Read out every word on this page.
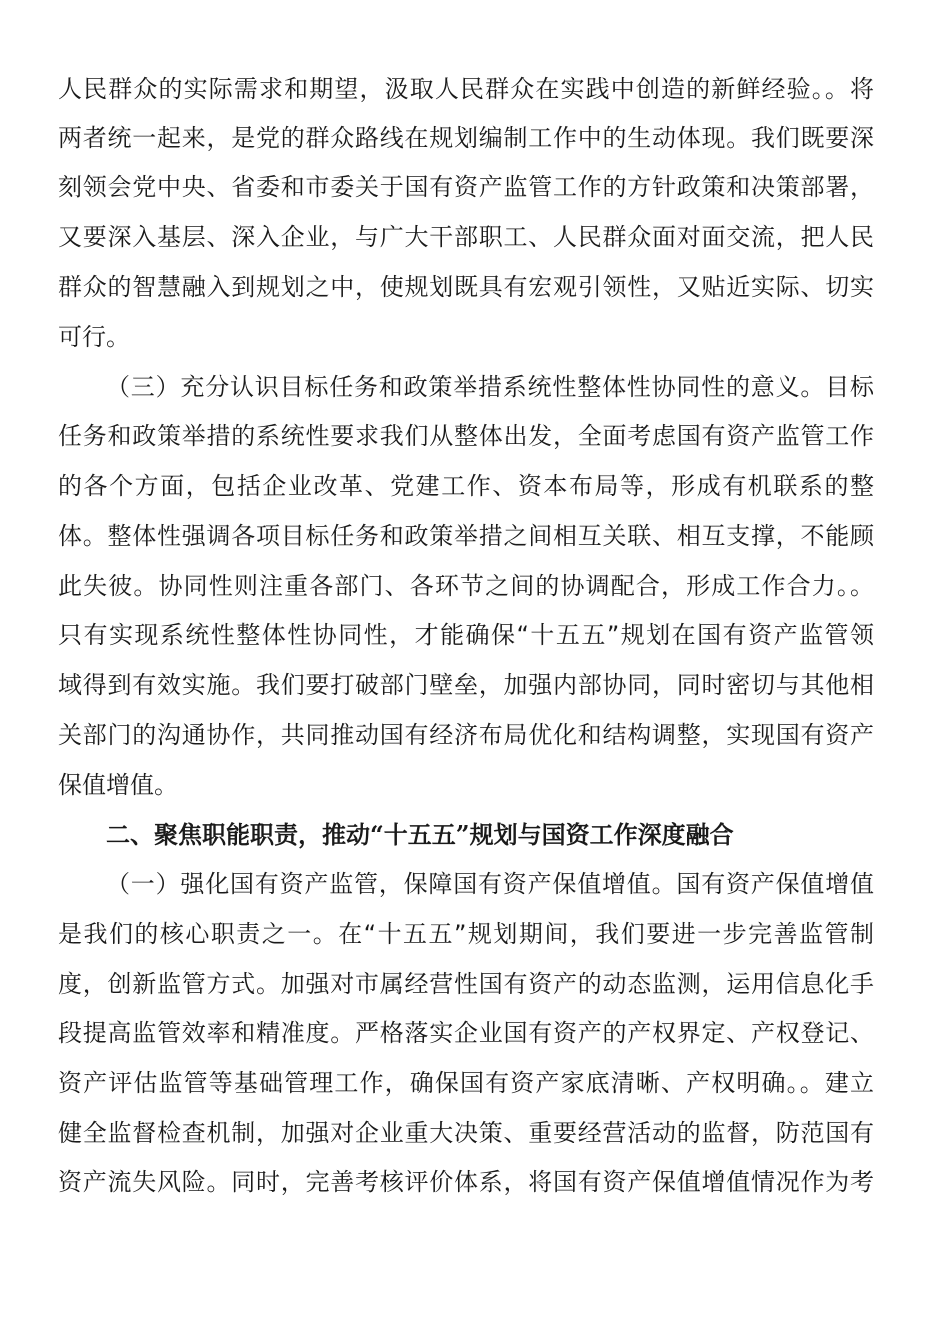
人民群众的实际需求和期望，汲取人民群众在实践中创造的新鲜经验。。将
两者统一起来，是党的群众路线在规划编制工作中的生动体现。我们既要深
刻领会党中央、省委和市委关于国有资产监管工作的方针政策和决策部署，
又要深入基层、深入企业，与广大干部职工、人民群众面对面交流，把人民
群众的智慧融入到规划之中，使规划既具有宏观引领性，又贴近实际、切实
可行。
（三）充分认识目标任务和政策举措系统性整体性协同性的意义。目标
任务和政策举措的系统性要求我们从整体出发，全面考虑国有资产监管工作
的各个方面，包括企业改革、党建工作、资本布局等，形成有机联系的整
体。整体性强调各项目标任务和政策举措之间相互关联、相互支撑，不能顾
此失彼。协同性则注重各部门、各环节之间的协调配合，形成工作合力。。
只有实现系统性整体性协同性，才能确保“十五五”规划在国有资产监管领
域得到有效实施。我们要打破部门壁垒，加强内部协同，同时密切与其他相
关部门的沟通协作，共同推动国有经济布局优化和结构调整，实现国有资产
保值增值。
二、聚焦职能职责，推动“十五五”规划与国资工作深度融合
（一）强化国有资产监管，保障国有资产保值增值。国有资产保值增值
是我们的核心职责之一。在“十五五”规划期间，我们要进一步完善监管制
度，创新监管方式。加强对市属经营性国有资产的动态监测，运用信息化手
段提高监管效率和精准度。严格落实企业国有资产的产权界定、产权登记、
资产评估监管等基础管理工作，确保国有资产家底清晰、产权明确。。建立
健全监督检查机制，加强对企业重大决策、重要经营活动的监督，防范国有
资产流失风险。同时，完善考核评价体系，将国有资产保值增值情况作为考
